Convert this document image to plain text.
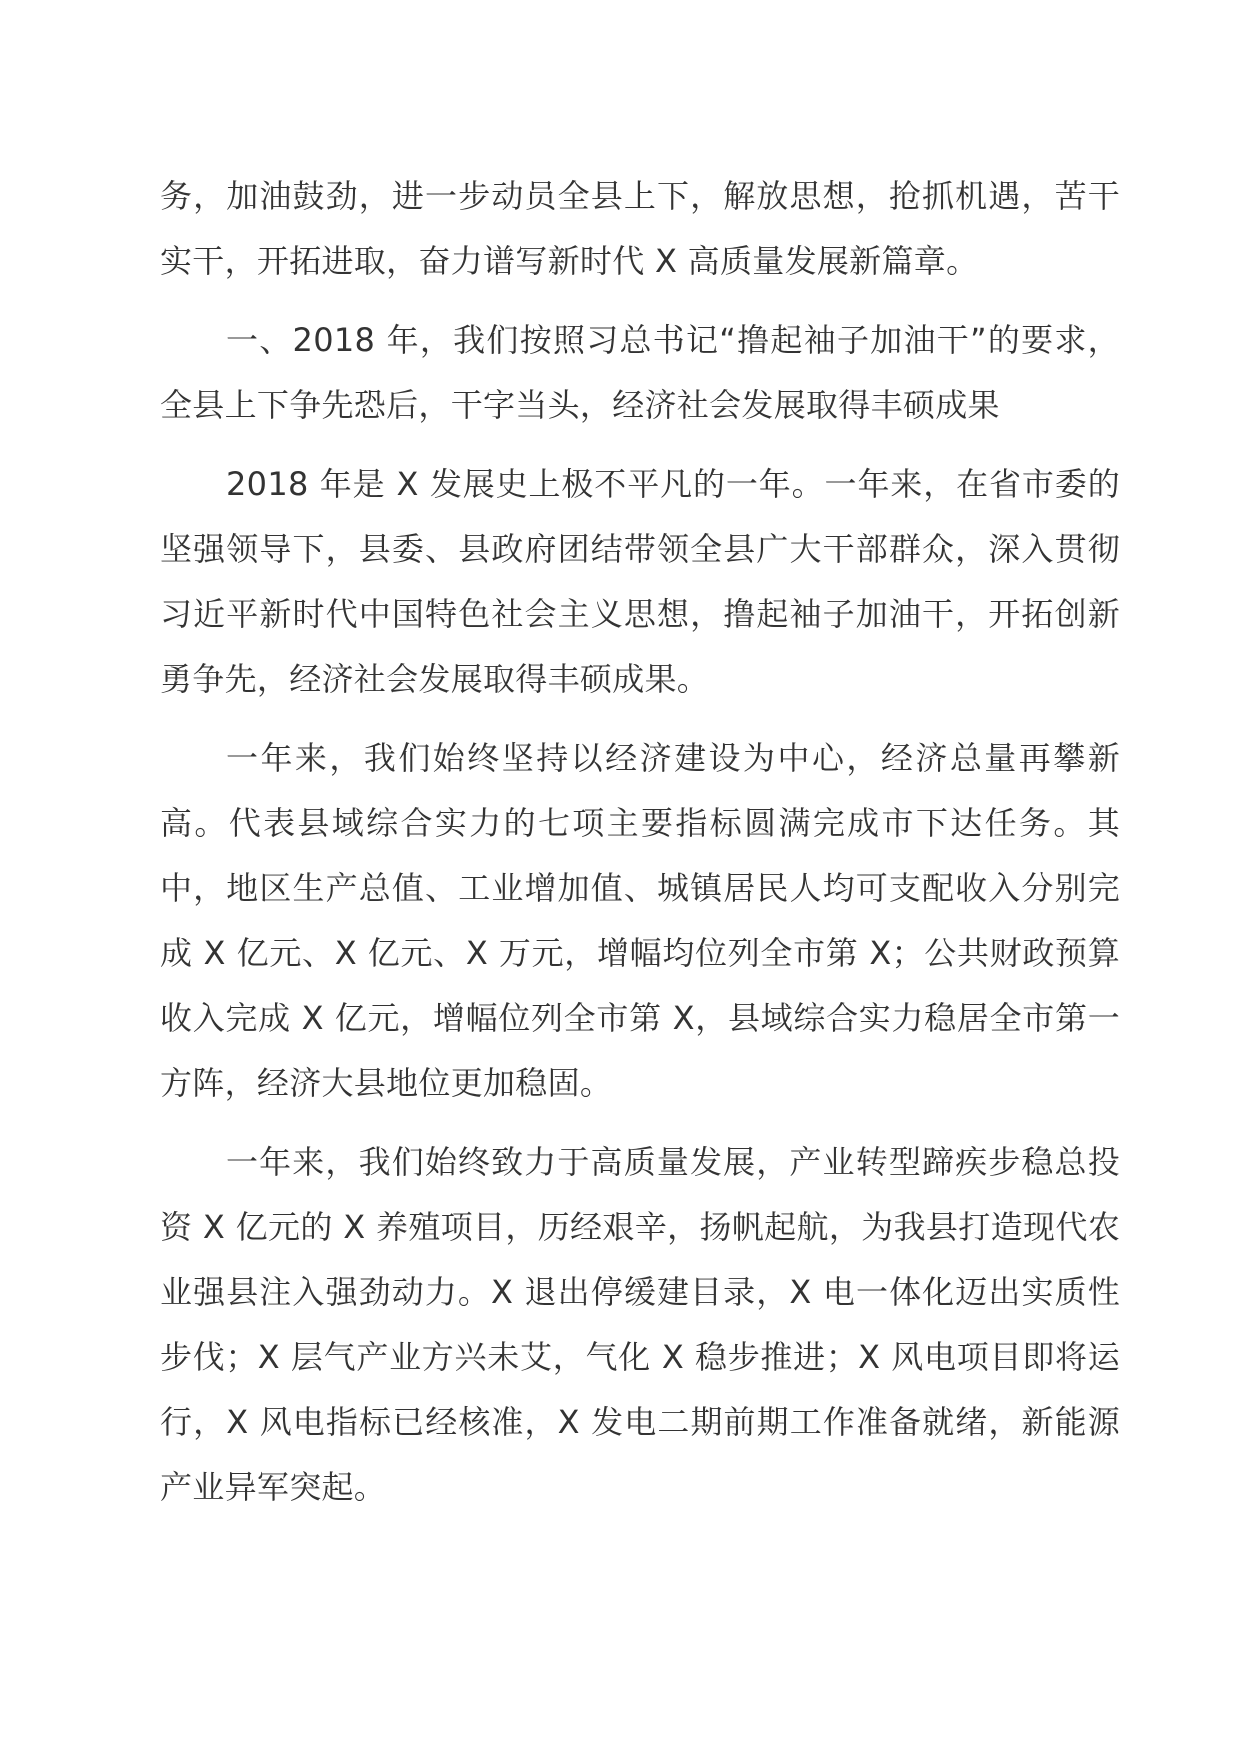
务，加油鼓劲，进一步动员全县上下，解放思想，抢抓机遇，苦干实干，开拓进取，奋力谱写新时代 X 高质量发展新篇章。

一、2018 年，我们按照习总书记“撸起袖子加油干”的要求，全县上下争先恐后，干字当头，经济社会发展取得丰硕成果

2018 年是 X 发展史上极不平凡的一年。一年来，在省市委的坚强领导下，县委、县政府团结带领全县广大干部群众，深入贯彻习近平新时代中国特色社会主义思想，撸起袖子加油干，开拓创新勇争先，经济社会发展取得丰硕成果。

一年来，我们始终坚持以经济建设为中心，经济总量再攀新高。代表县域综合实力的七项主要指标圆满完成市下达任务。其中，地区生产总值、工业增加值、城镇居民人均可支配收入分别完成 X 亿元、X 亿元、X 万元，增幅均位列全市第 X；公共财政预算收入完成 X 亿元，增幅位列全市第 X，县域综合实力稳居全市第一方阵，经济大县地位更加稳固。

一年来，我们始终致力于高质量发展，产业转型蹄疾步稳总投资 X 亿元的 X 养殖项目，历经艰辛，扬帆起航，为我县打造现代农业强县注入强劲动力。X 退出停缓建目录，X 电一体化迈出实质性步伐；X 层气产业方兴未艾，气化 X 稳步推进；X 风电项目即将运行，X 风电指标已经核准，X 发电二期前期工作准备就绪，新能源产业异军突起。
